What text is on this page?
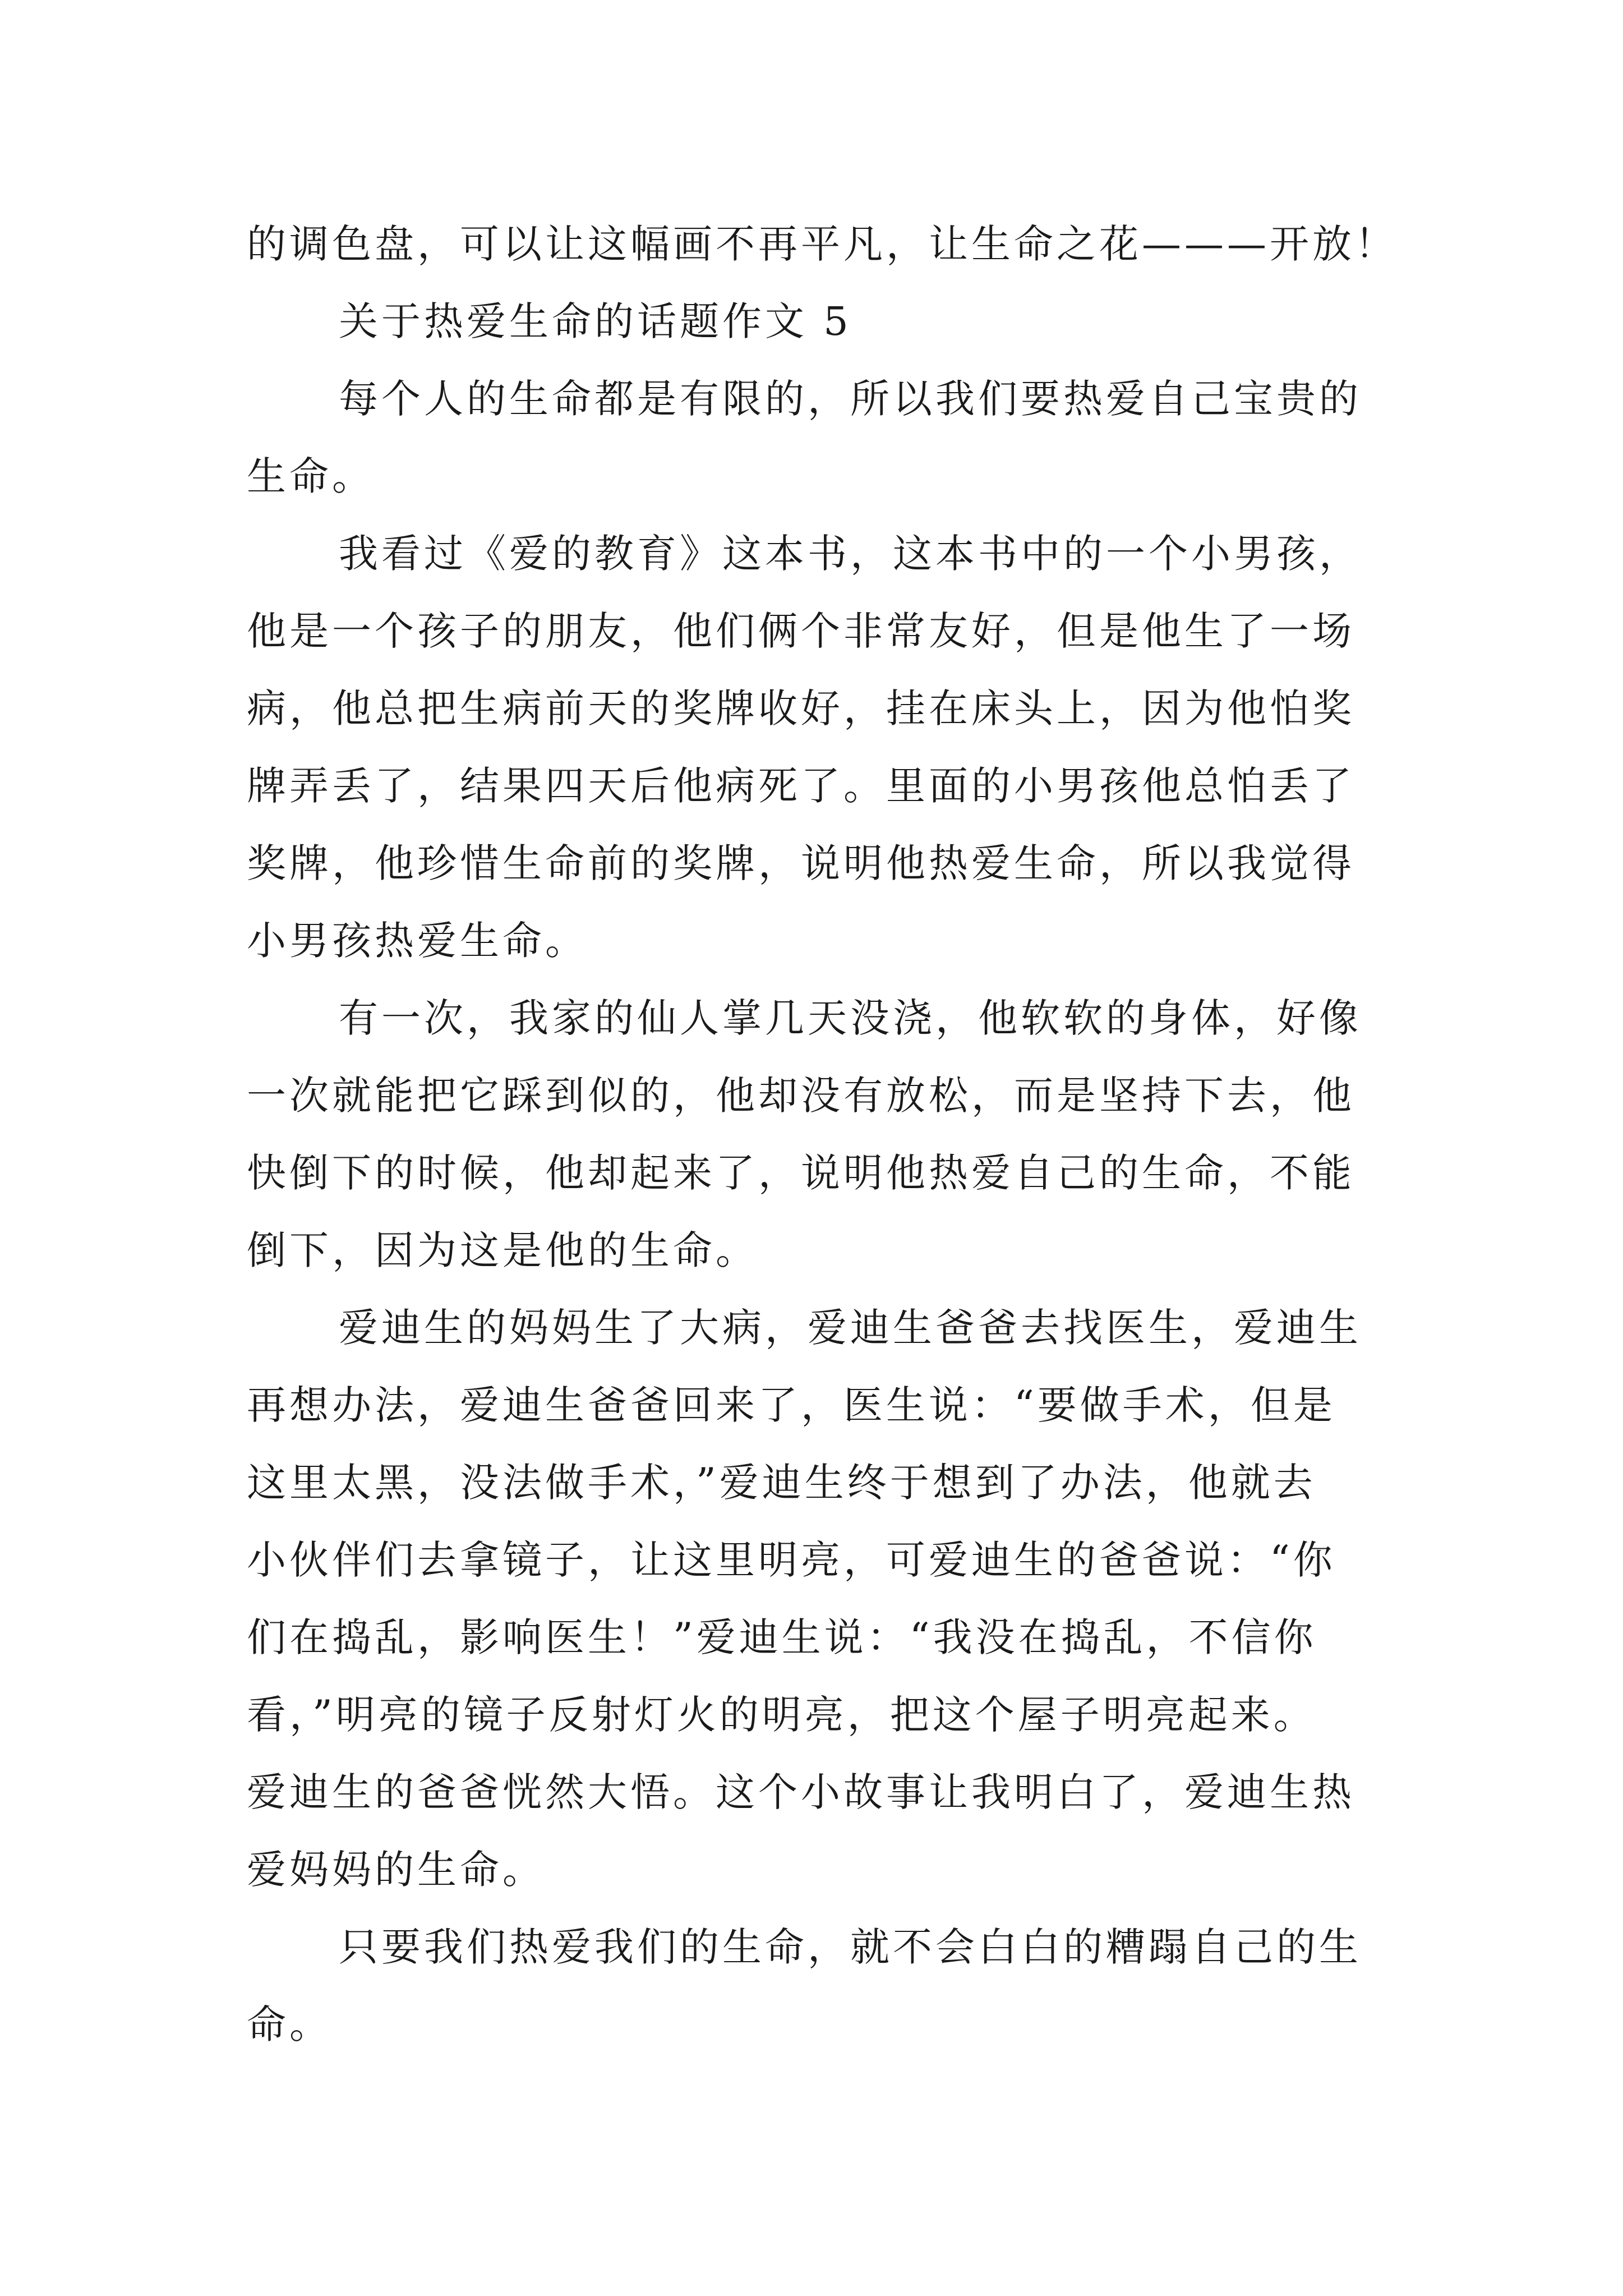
的调色盘，可以让这幅画不再平凡，让生命之花———开放！
关于热爱生命的话题作文 5
每个人的生命都是有限的，所以我们要热爱自己宝贵的
生命。
我看过《爱的教育》这本书，这本书中的一个小男孩，
他是一个孩子的朋友，他们俩个非常友好，但是他生了一场
病，他总把生病前天的奖牌收好，挂在床头上，因为他怕奖
牌弄丢了，结果四天后他病死了。里面的小男孩他总怕丢了
奖牌，他珍惜生命前的奖牌，说明他热爱生命，所以我觉得
小男孩热爱生命。
有一次，我家的仙人掌几天没浇，他软软的身体，好像
一次就能把它踩到似的，他却没有放松，而是坚持下去，他
快倒下的时候，他却起来了，说明他热爱自己的生命，不能
倒下，因为这是他的生命。
爱迪生的妈妈生了大病，爱迪生爸爸去找医生，爱迪生
再想办法，爱迪生爸爸回来了，医生说：“要做手术，但是
这里太黑，没法做手术，”爱迪生终于想到了办法，他就去
小伙伴们去拿镜子，让这里明亮，可爱迪生的爸爸说：“你
们在捣乱，影响医生！”爱迪生说：“我没在捣乱，不信你
看，”明亮的镜子反射灯火的明亮，把这个屋子明亮起来。
爱迪生的爸爸恍然大悟。这个小故事让我明白了，爱迪生热
爱妈妈的生命。
只要我们热爱我们的生命，就不会白白的糟蹋自己的生
命。
